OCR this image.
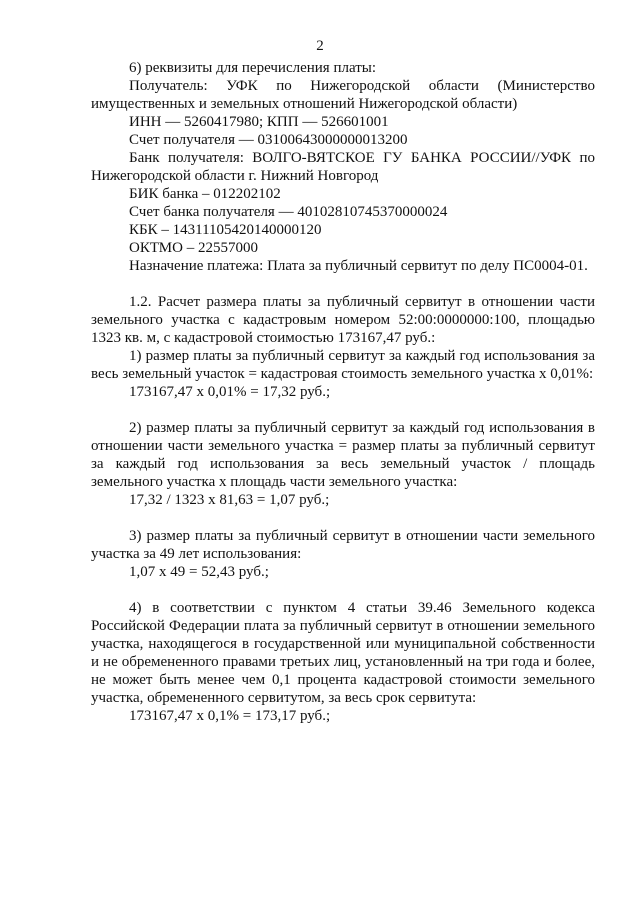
2

6) реквизиты для перечисления платы:

Получатель: УФК по Нижегородской области (Министерство имущественных и земельных отношений Нижегородской области)

ИНН — 5260417980; КПП — 526601001
Счет получателя — 03100643000000013200

Банк получателя: ВОЛГО-ВЯТСКОЕ ГУ БАНКА РОССИИ//УФК по Нижегородской области г. Нижний Новгород

БИК банка – 012202102
Счет банка получателя — 40102810745370000024
КБК – 14311105420140000120
ОКТМО – 22557000
Назначение платежа: Плата за публичный сервитут по делу ПС0004-01.

1.2. Расчет размера платы за публичный сервитут в отношении части земельного участка с кадастровым номером 52:00:0000000:100, площадью 1323 кв. м, с кадастровой стоимостью 173167,47 руб.:

1) размер платы за публичный сервитут за каждый год использования за весь земельный участок = кадастровая стоимость земельного участка х 0,01%:

173167,47 х 0,01% = 17,32 руб.;

2) размер платы за публичный сервитут за каждый год использования в отношении части земельного участка = размер платы за публичный сервитут за каждый год использования за весь земельный участок / площадь земельного участка х площадь части земельного участка:

17,32 / 1323 х 81,63 = 1,07 руб.;

3) размер платы за публичный сервитут в отношении части земельного участка за 49 лет использования:

1,07 х 49 = 52,43 руб.;

4) в соответствии с пунктом 4 статьи 39.46 Земельного кодекса Российской Федерации плата за публичный сервитут в отношении земельного участка, находящегося в государственной или муниципальной собственности и не обремененного правами третьих лиц, установленный на три года и более, не может быть менее чем 0,1 процента кадастровой стоимости земельного участка, обремененного сервитутом, за весь срок сервитута:

173167,47 х 0,1% = 173,17 руб.;
